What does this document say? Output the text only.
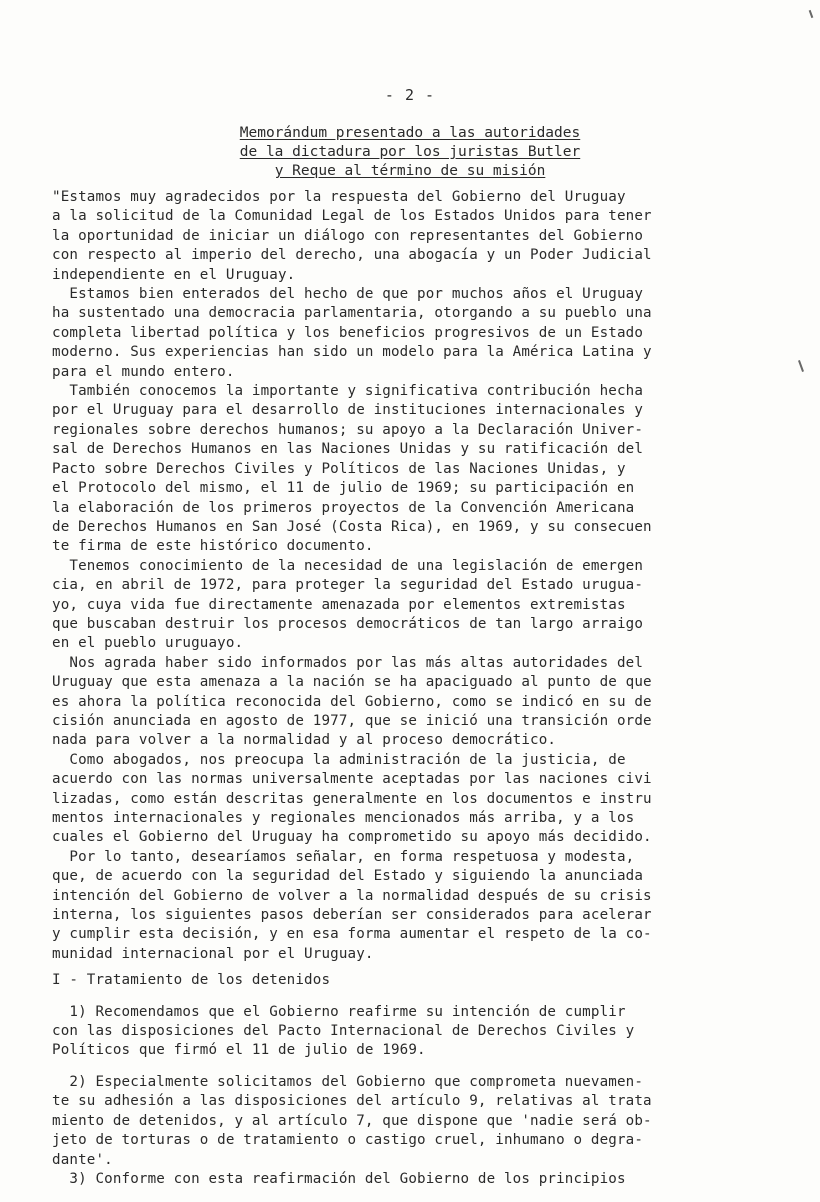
- 2 -
Memorándum presentado a las autoridades
de la dictadura por los juristas Butler
y Reque al término de su misión
"Estamos muy agradecidos por la respuesta del Gobierno del Uruguay
a la solicitud de la Comunidad Legal de los Estados Unidos para tener
la oportunidad de iniciar un diálogo con representantes del Gobierno
con respecto al imperio del derecho, una abogacía y un Poder Judicial
independiente en el Uruguay.
Estamos bien enterados del hecho de que por muchos años el Uruguay
ha sustentado una democracia parlamentaria, otorgando a su pueblo una
completa libertad política y los beneficios progresivos de un Estado
moderno. Sus experiencias han sido un modelo para la América Latina y
para el mundo entero.
También conocemos la importante y significativa contribución hecha
por el Uruguay para el desarrollo de instituciones internacionales y
regionales sobre derechos humanos; su apoyo a la Declaración Univer-
sal de Derechos Humanos en las Naciones Unidas y su ratificación del
Pacto sobre Derechos Civiles y Políticos de las Naciones Unidas, y
el Protocolo del mismo, el 11 de julio de 1969; su participación en
la elaboración de los primeros proyectos de la Convención Americana
de Derechos Humanos en San José (Costa Rica), en 1969, y su consecuen
te firma de este histórico documento.
Tenemos conocimiento de la necesidad de una legislación de emergen
cia, en abril de 1972, para proteger la seguridad del Estado urugua-
yo, cuya vida fue directamente amenazada por elementos extremistas
que buscaban destruir los procesos democráticos de tan largo arraigo
en el pueblo uruguayo.
Nos agrada haber sido informados por las más altas autoridades del
Uruguay que esta amenaza a la nación se ha apaciguado al punto de que
es ahora la política reconocida del Gobierno, como se indicó en su de
cisión anunciada en agosto de 1977, que se inició una transición orde
nada para volver a la normalidad y al proceso democrático.
Como abogados, nos preocupa la administración de la justicia, de
acuerdo con las normas universalmente aceptadas por las naciones civi
lizadas, como están descritas generalmente en los documentos e instru
mentos internacionales y regionales mencionados más arriba, y a los
cuales el Gobierno del Uruguay ha comprometido su apoyo más decidido.
Por lo tanto, desearíamos señalar, en forma respetuosa y modesta,
que, de acuerdo con la seguridad del Estado y siguiendo la anunciada
intención del Gobierno de volver a la normalidad después de su crisis
interna, los siguientes pasos deberían ser considerados para acelerar
y cumplir esta decisión, y en esa forma aumentar el respeto de la co-
munidad internacional por el Uruguay.
I - Tratamiento de los detenidos
1) Recomendamos que el Gobierno reafirme su intención de cumplir
con las disposiciones del Pacto Internacional de Derechos Civiles y
Políticos que firmó el 11 de julio de 1969.
2) Especialmente solicitamos del Gobierno que comprometa nuevamen-
te su adhesión a las disposiciones del artículo 9, relativas al trata
miento de detenidos, y al artículo 7, que dispone que 'nadie será ob-
jeto de torturas o de tratamiento o castigo cruel, inhumano o degra-
dante'.
3) Conforme con esta reafirmación del Gobierno de los principios
